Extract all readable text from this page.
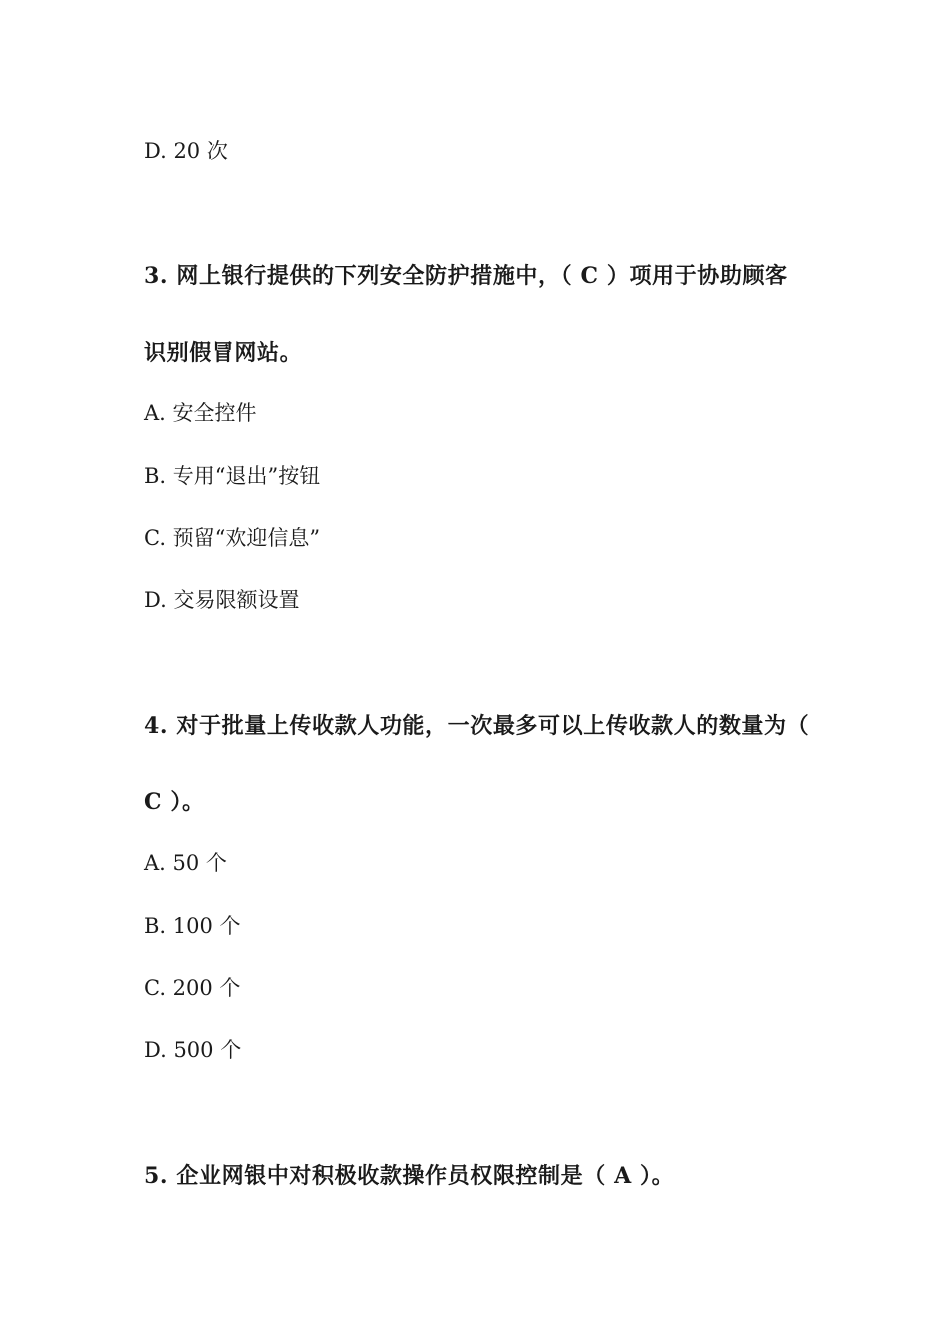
D. 20 次
3. 网上银行提供的下列安全防护措施中，（ C ）项用于协助顾客
识别假冒网站。
A. 安全控件
B. 专用“退出”按钮
C. 预留“欢迎信息”
D. 交易限额设置
4. 对于批量上传收款人功能，一次最多可以上传收款人的数量为（
C ）。
A. 50 个
B. 100 个
C. 200 个
D. 500 个
5. 企业网银中对积极收款操作员权限控制是（ A ）。
